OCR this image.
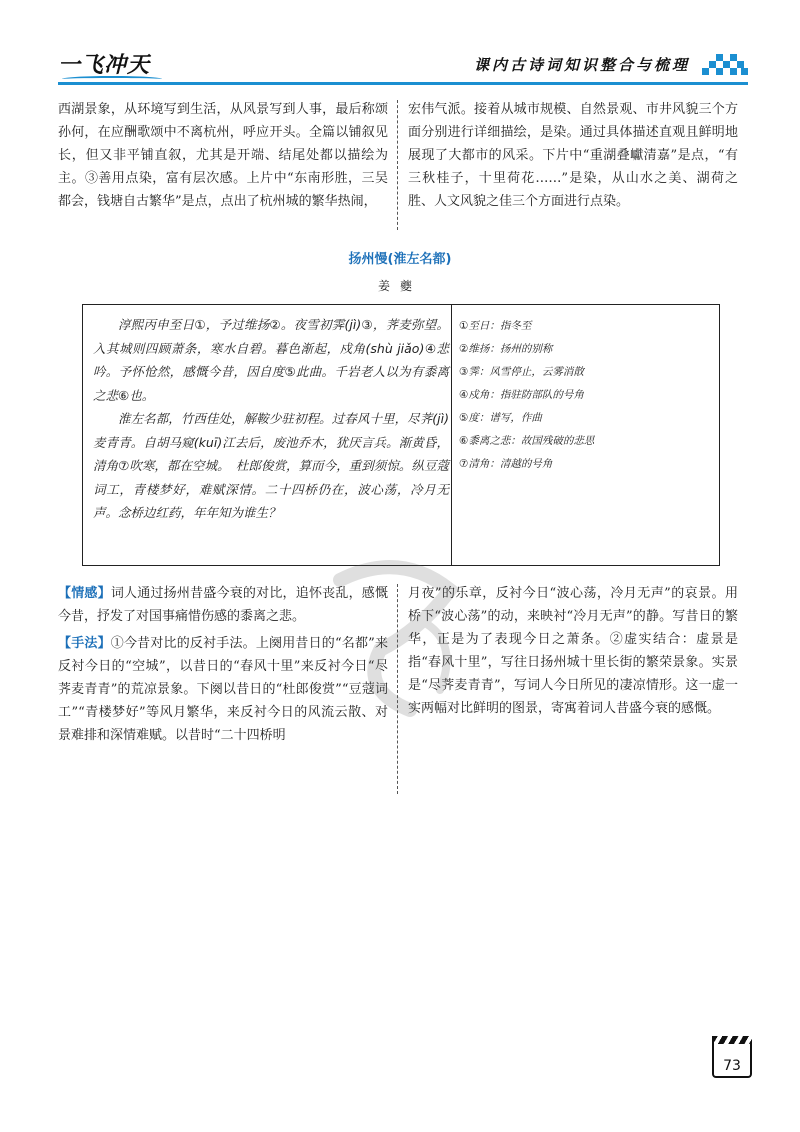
一飞冲天	课内古诗词知识整合与梳理
西湖景象，从环境写到生活，从风景写到人事，最后称颂孙何，在应酬歌颂中不离杭州，呼应开头。全篇以铺叙见长，但又非平铺直叙，尤其是开端、结尾处都以描绘为主。③善用点染，富有层次感。上片中“东南形胜，三吴都会，钱塘自古繁华”是点，点出了杭州城的繁华热闹，
宏伟气派。接着从城市规模、自然景观、市井风貌三个方面分别进行详细描绘，是染。通过具体描述直观且鲜明地展现了大都市的风采。下片中“重湖叠巘清嘉”是点，“有三秋桂子，十里荷花……”是染，从山水之美、湖荷之胜、人文风貌之佳三个方面进行点染。
扬州慢(淮左名都)
姜夔

淳熙丙申至日①，予过维扬②。夜雪初霁(jì)③，荠麦弥望。入其城则四顾萧条，寒水自碧。暮色渐起，戍角(shù jiǎo)④悲吟。予怀怆然，感慨今昔，因自度⑤此曲。千岩老人以为有黍离之悲⑥也。

淮左名都，竹西佳处，解鞍少驻初程。过春风十里，尽荠(jì)麦青青。自胡马窥(kuī)江去后，废池乔木，犹厌言兵。渐黄昏，清角⑦吹寒，都在空城。　杜郎俊赏，算而今，重到须惊。纵豆蔻词工，青楼梦好，难赋深情。二十四桥仍在，波心荡，冷月无声。念桥边红药，年年知为谁生？

①至日：指冬至
②维扬：扬州的别称
③霁：风雪停止，云雾消散
④戍角：指驻防部队的号角
⑤度：谱写，作曲
⑥黍离之悲：故国残破的悲思
⑦清角：清越的号角

【情感】词人通过扬州昔盛今衰的对比，追怀丧乱，感慨今昔，抒发了对国事痛惜伤感的黍离之悲。

【手法】①今昔对比的反衬手法。上阕用昔日的“名都”来反衬今日的“空城”，以昔日的“春风十里”来反衬今日“尽荠麦青青”的荒凉景象。下阕以昔日的“杜郎俊赏”“豆蔻词工”“青楼梦好”等风月繁华，来反衬今日的风流云散、对景难排和深情难赋。以昔时“二十四桥明

月夜”的乐章，反衬今日“波心荡，冷月无声”的哀景。用桥下“波心荡”的动，来映衬“冷月无声”的静。写昔日的繁华，正是为了表现今日之萧条。②虚实结合：虚景是指“春风十里”，写往日扬州城十里长街的繁荣景象。实景是“尽荠麦青青”，写词人今日所见的凄凉情形。这一虚一实两幅对比鲜明的图景，寄寓着词人昔盛今衰的感慨。
73
